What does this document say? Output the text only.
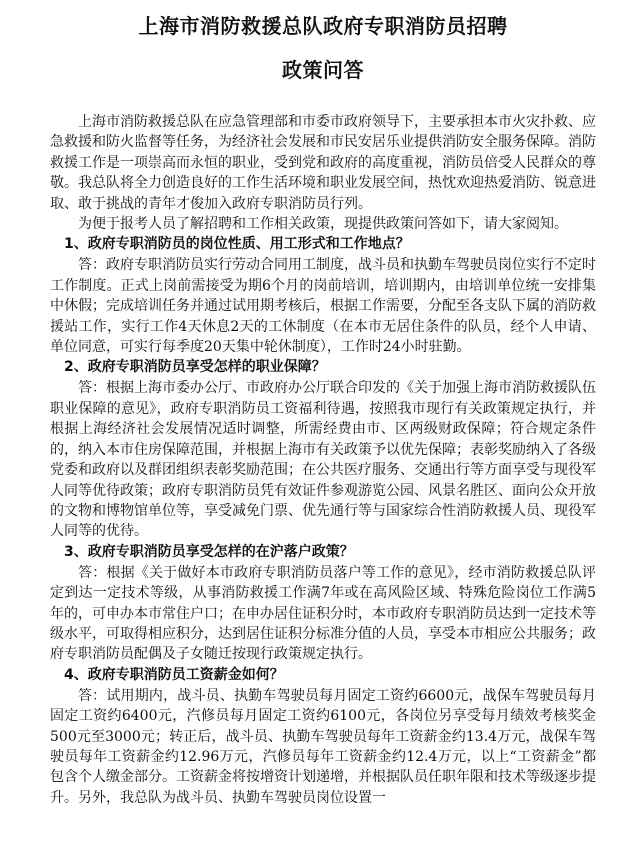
上海市消防救援总队政府专职消防员招聘
政策问答

上海市消防救援总队在应急管理部和市委市政府领导下，主要承担本市火灾扑救、应急救援和防火监督等任务，为经济社会发展和市民安居乐业提供消防安全服务保障。消防救援工作是一项崇高而永恒的职业，受到党和政府的高度重视，消防员倍受人民群众的尊敬。我总队将全力创造良好的工作生活环境和职业发展空间，热忱欢迎热爱消防、锐意进取、敢于挑战的青年才俊加入政府专职消防员行列。

为便于报考人员了解招聘和工作相关政策，现提供政策问答如下，请大家阅知。

1、政府专职消防员的岗位性质、用工形式和工作地点？

答：政府专职消防员实行劳动合同用工制度，战斗员和执勤车驾驶员岗位实行不定时工作制度。正式上岗前需接受为期6个月的岗前培训，培训期内，由培训单位统一安排集中休假；完成培训任务并通过试用期考核后，根据工作需要，分配至各支队下属的消防救援站工作，实行工作4天休息2天的工休制度（在本市无居住条件的队员，经个人申请、单位同意，可实行每季度20天集中轮休制度），工作时24小时驻勤。

2、政府专职消防员享受怎样的职业保障？

答：根据上海市委办公厅、市政府办公厅联合印发的《关于加强上海市消防救援队伍职业保障的意见》，政府专职消防员工资福利待遇，按照我市现行有关政策规定执行，并根据上海经济社会发展情况适时调整，所需经费由市、区两级财政保障；符合规定条件的，纳入本市住房保障范围，并根据上海市有关政策予以优先保障；表彰奖励纳入了各级党委和政府以及群团组织表彰奖励范围；在公共医疗服务、交通出行等方面享受与现役军人同等优待政策；政府专职消防员凭有效证件参观游览公园、风景名胜区、面向公众开放的文物和博物馆单位等，享受减免门票、优先通行等与国家综合性消防救援人员、现役军人同等的优待。

3、政府专职消防员享受怎样的在沪落户政策？

答：根据《关于做好本市政府专职消防员落户等工作的意见》，经市消防救援总队评定到达一定技术等级，从事消防救援工作满7年或在高风险区域、特殊危险岗位工作满5年的，可申办本市常住户口；在申办居住证积分时，本市政府专职消防员达到一定技术等级水平，可取得相应积分，达到居住证积分标准分值的人员，享受本市相应公共服务；政府专职消防员配偶及子女随迁按现行政策规定执行。

4、政府专职消防员工资薪金如何？

答：试用期内，战斗员、执勤车驾驶员每月固定工资约6600元，战保车驾驶员每月固定工资约6400元，汽修员每月固定工资约6100元，各岗位另享受每月绩效考核奖金500元至3000元；转正后，战斗员、执勤车驾驶员每年工资薪金约13.4万元，战保车驾驶员每年工资薪金约12.96万元，汽修员每年工资薪金约12.4万元，以上“工资薪金”都包含个人缴金部分。工资薪金将按增资计划递增，并根据队员任职年限和技术等级逐步提升。另外，我总队为战斗员、执勤车驾驶员岗位设置一
